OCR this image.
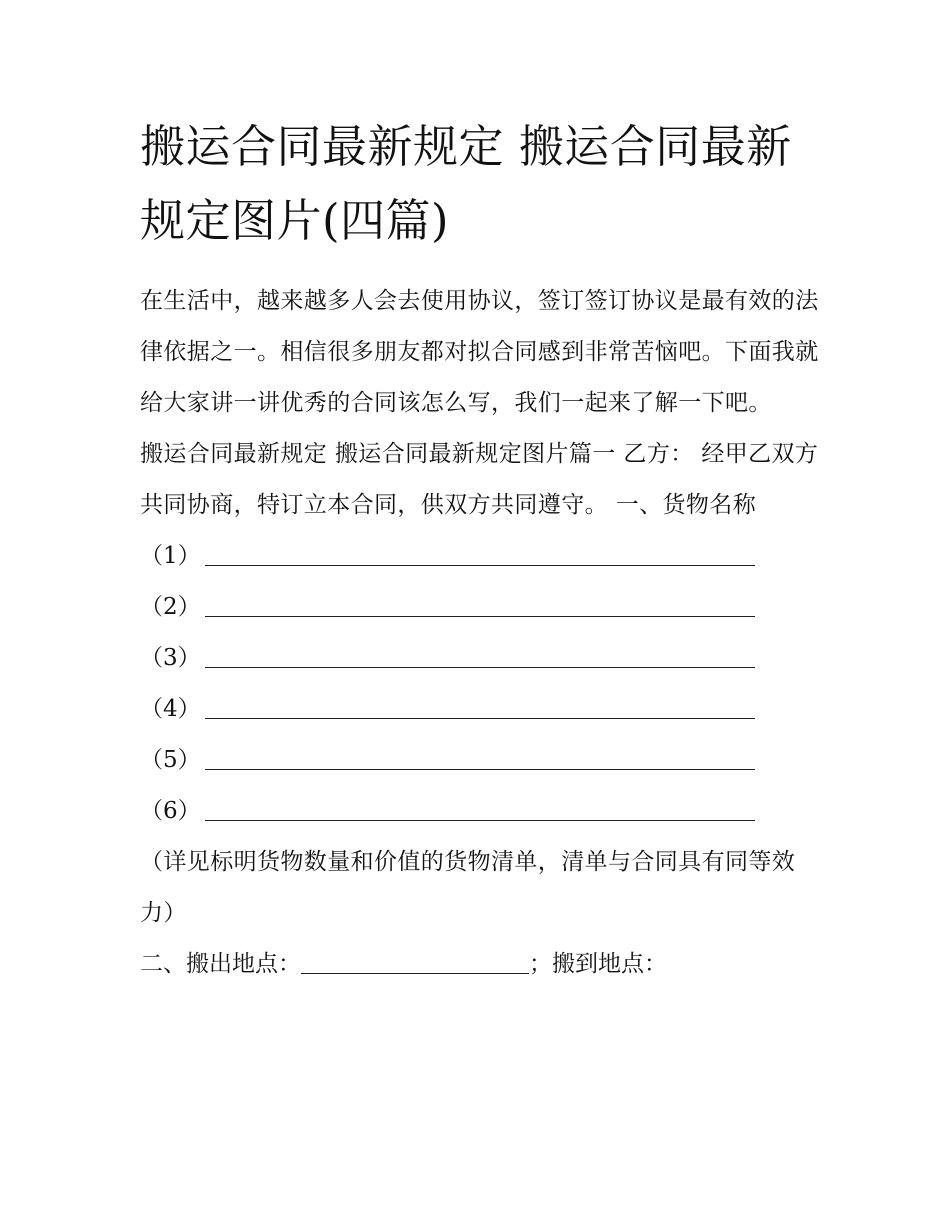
搬运合同最新规定 搬运合同最新规定图片(四篇)

在生活中，越来越多人会去使用协议，签订签订协议是最有效的法律依据之一。相信很多朋友都对拟合同感到非常苦恼吧。下面我就给大家讲一讲优秀的合同该怎么写，我们一起来了解一下吧。

搬运合同最新规定 搬运合同最新规定图片篇一 乙方： 经甲乙双方共同协商，特订立本合同，供双方共同遵守。 一、货物名称

（1）
（2）
（3）
（4）
（5）
（6）

（详见标明货物数量和价值的货物清单，清单与合同具有同等效力）

二、搬出地点：	； 搬到地点：
